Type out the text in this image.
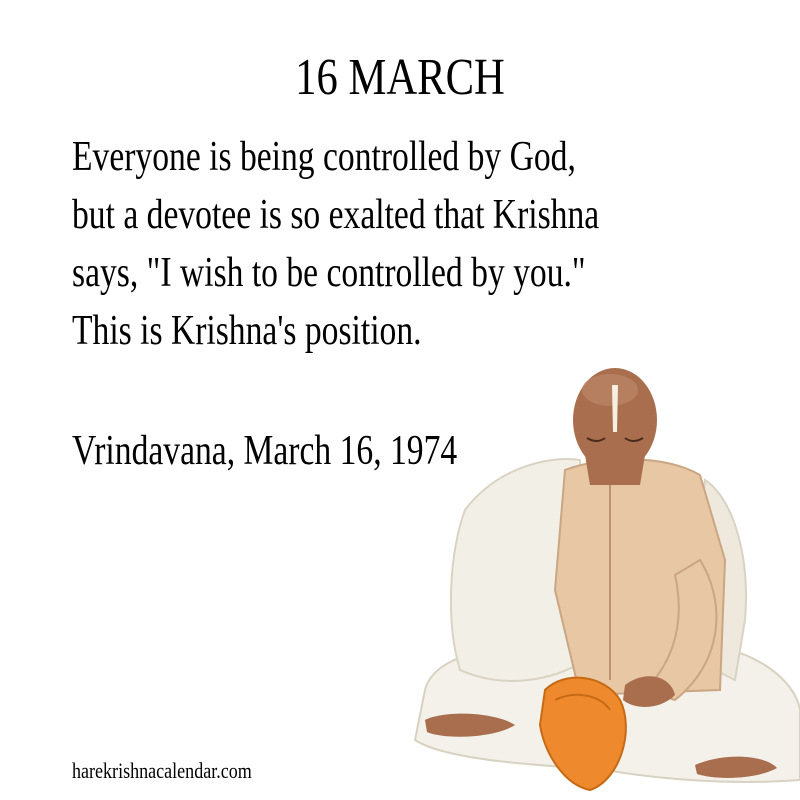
16 MARCH
Everyone is being controlled by God,
but a devotee is so exalted that Krishna
says, "I wish to be controlled by you."
This is Krishna's position.
Vrindavana, March 16, 1974
harekrishnacalendar.com
